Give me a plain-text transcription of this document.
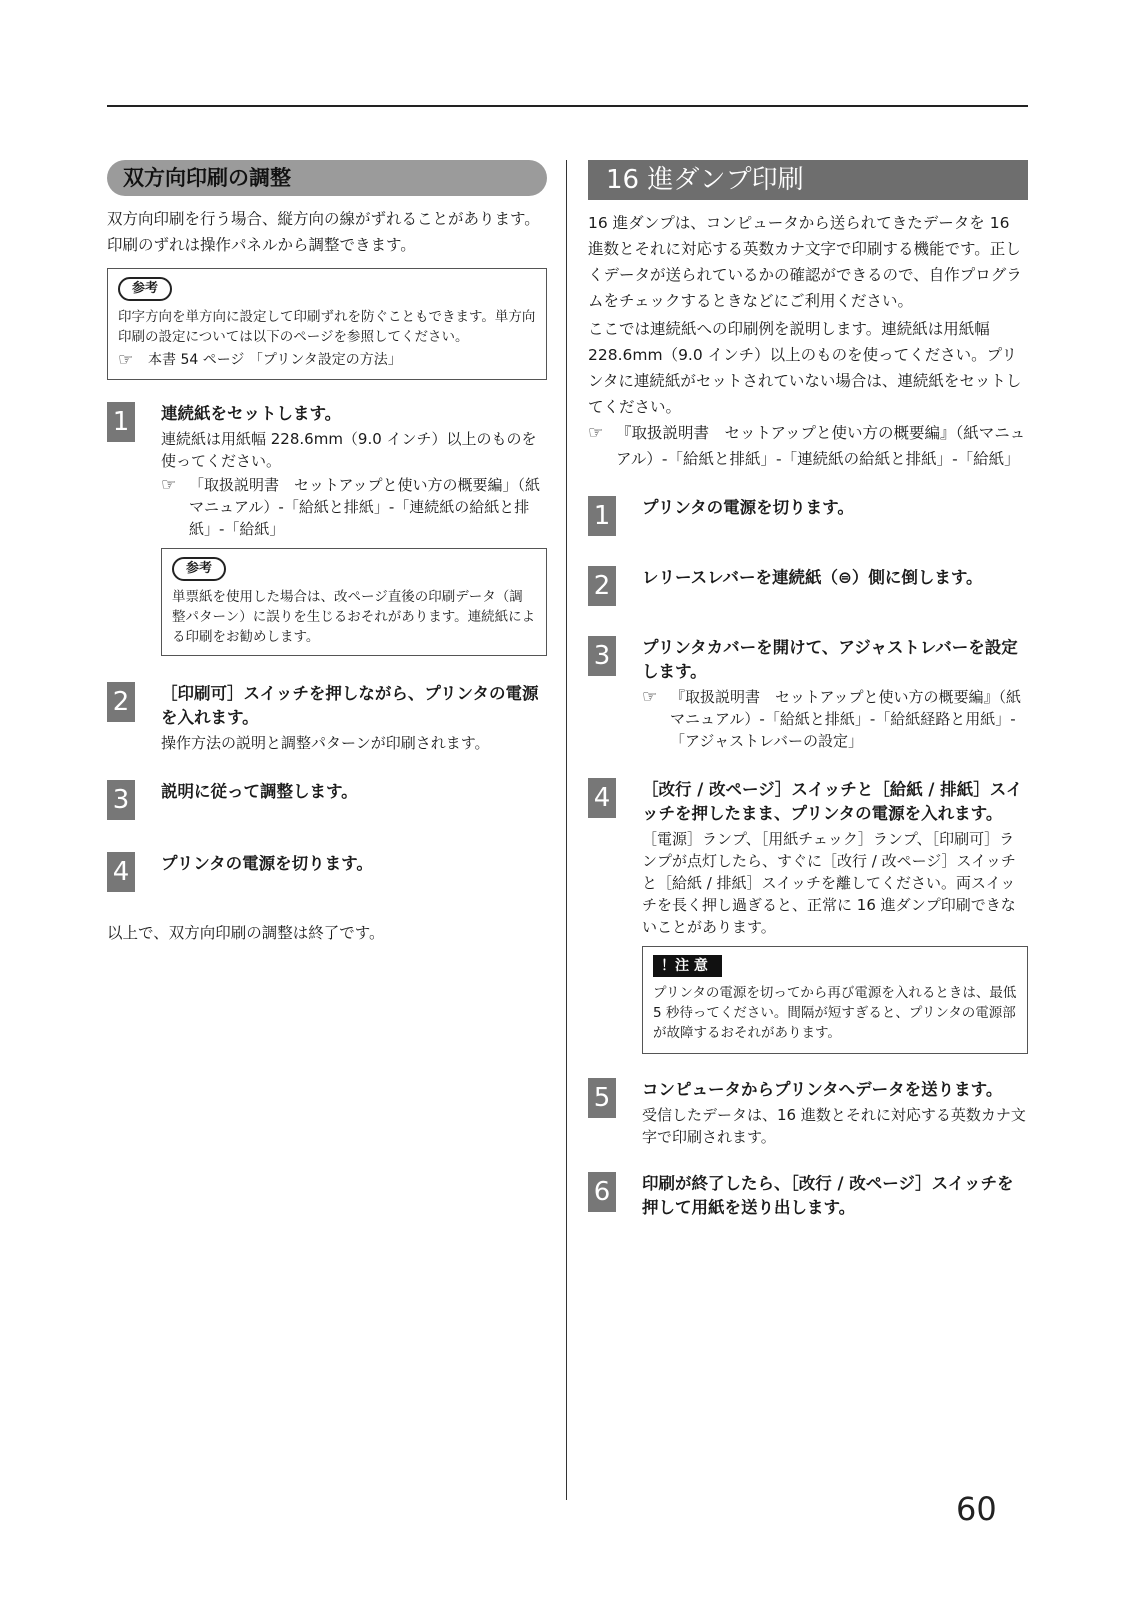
双方向印刷の調整

双方向印刷を行う場合、縦方向の線がずれることがあります。印刷のずれは操作パネルから調整できます。

参考

印字方向を単方向に設定して印刷ずれを防ぐこともできます。単方向印刷の設定については以下のページを参照してください。

☞	本書 54 ページ 「プリンタ設定の方法」
1	連続紙をセットします。
連続紙は用紙幅 228.6mm（9.0 インチ）以上のものを使ってください。
☞ 「取扱説明書　セットアップと使い方の概要編」（紙マニュアル）-「給紙と排紙」-「連続紙の給紙と排紙」-「給紙」
参考

単票紙を使用した場合は、改ページ直後の印刷データ（調整パターン）に誤りを生じるおそれがあります。連続紙による印刷をお勧めします。

2	［印刷可］スイッチを押しながら、プリンタの電源を入れます。
操作方法の説明と調整パターンが印刷されます。
3	説明に従って調整します。
4	プリンタの電源を切ります。

以上で、双方向印刷の調整は終了です。

16 進ダンプ印刷

16 進ダンプは、コンピュータから送られてきたデータを 16 進数とそれに対応する英数カナ文字で印刷する機能です。正しくデータが送られているかの確認ができるので、自作プログラムをチェックするときなどにご利用ください。

ここでは連続紙への印刷例を説明します。連続紙は用紙幅 228.6mm（9.0 インチ）以上のものを使ってください。プリンタに連続紙がセットされていない場合は、連続紙をセットしてください。

☞ 『取扱説明書　セットアップと使い方の概要編』（紙マニュアル）-「給紙と排紙」-「連続紙の給紙と排紙」-「給紙」
1	プリンタの電源を切ります。
2	レリースレバーを連続紙（⊜）側に倒します。
3	プリンタカバーを開けて、アジャストレバーを設定します。
☞ 『取扱説明書　セットアップと使い方の概要編』（紙マニュアル）-「給紙と排紙」-「給紙経路と用紙」-「アジャストレバーの設定」
4	［改行 / 改ページ］スイッチと［給紙 / 排紙］スイッチを押したまま、プリンタの電源を入れます。
［電源］ランプ、［用紙チェック］ランプ、［印刷可］ランプが点灯したら、すぐに［改行 / 改ページ］スイッチと［給紙 / 排紙］スイッチを離してください。両スイッチを長く押し過ぎると、正常に 16 進ダンプ印刷できないことがあります。
！注 意

プリンタの電源を切ってから再び電源を入れるときは、最低 5 秒待ってください。間隔が短すぎると、プリンタの電源部が故障するおそれがあります。

5	コンピュータからプリンタへデータを送ります。
受信したデータは、16 進数とそれに対応する英数カナ文字で印刷されます。
6	印刷が終了したら、［改行 / 改ページ］スイッチを押して用紙を送り出します。
60
